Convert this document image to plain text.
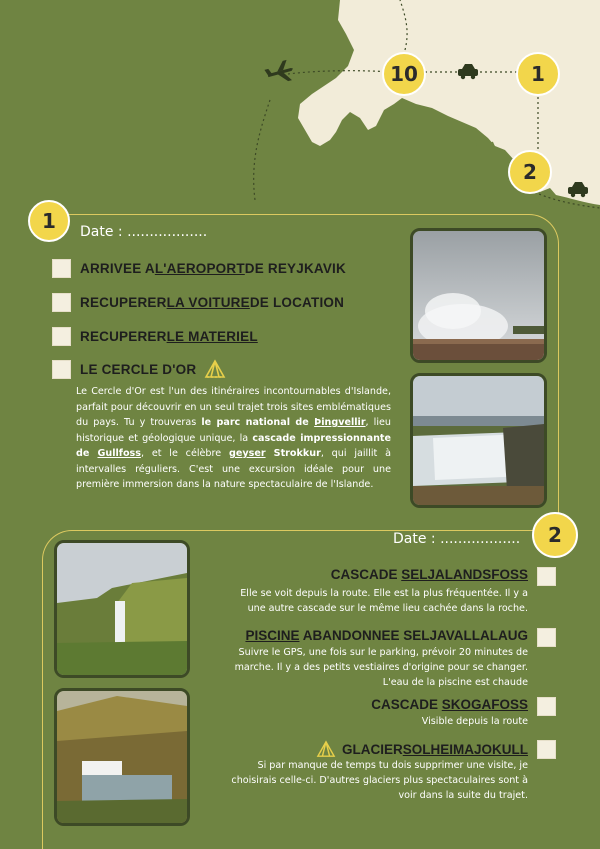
10	1
2
1	Date : ..................
ARRIVEE A L'AEROPORT DE REYJKAVIK
RECUPERER LA VOITURE DE LOCATION
RECUPERER LE MATERIEL
LE CERCLE D'OR

Le Cercle d'Or est l'un des itinéraires incontournables d'Islande, parfait pour découvrir en un seul trajet trois sites emblématiques du pays. Tu y trouveras le parc national de Þingvellir, lieu historique et géologique unique, la cascade impressionnante de Gullfoss, et le célèbre geyser Strokkur, qui jaillit à intervalles réguliers. C'est une excursion idéale pour une première immersion dans la nature spectaculaire de l'Islande.

2
Date : ..................
CASCADE SELJALANDSFOSS
Elle se voit depuis la route. Elle est la plus fréquentée. Il y a
une autre cascade sur le même lieu cachée dans la roche.
PISCINE ABANDONNEE SELJAVALLALAUG
Suivre le GPS, une fois sur le parking, prévoir 20 minutes de
marche. Il y a des petits vestiaires d'origine pour se changer.
L'eau de la piscine est chaude
CASCADE SKOGAFOSS
Visible depuis la route
GLACIER SOLHEIMAJOKULL
Si par manque de temps tu dois supprimer une visite, je
choisirais celle-ci. D'autres glaciers plus spectaculaires sont à
voir dans la suite du trajet.
